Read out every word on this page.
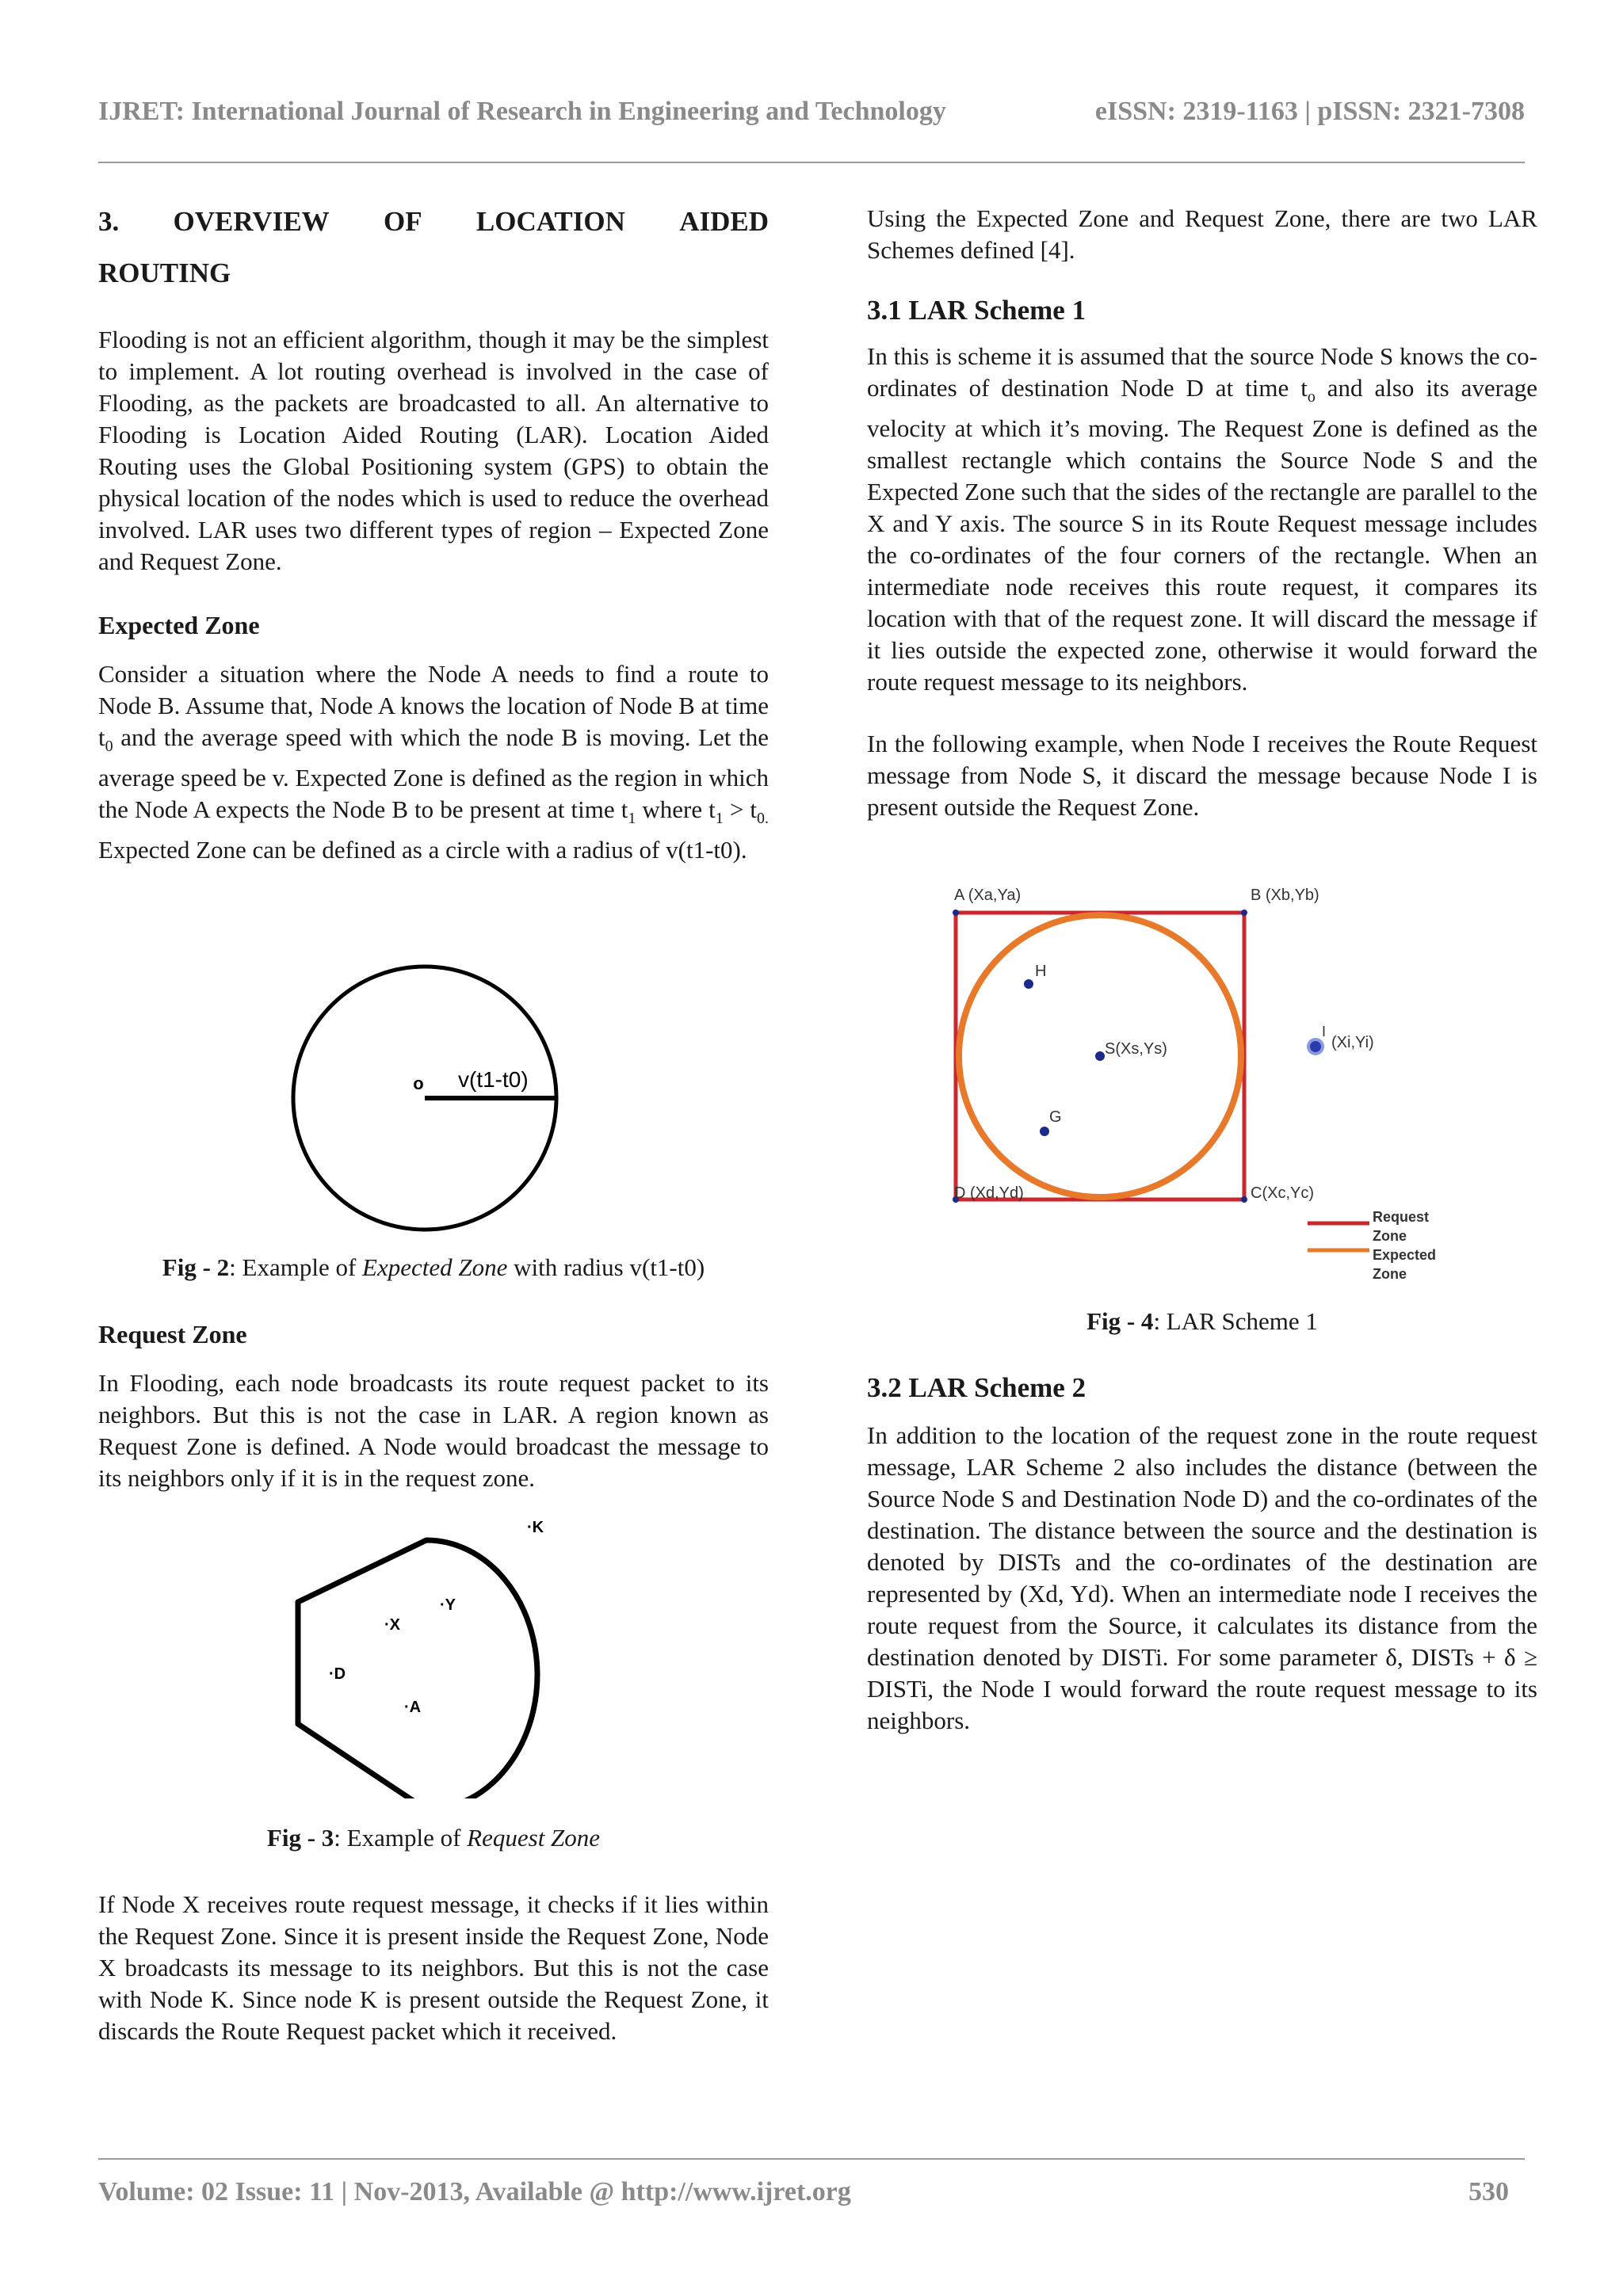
IJRET: International Journal of Research in Engineering and Technology	eISSN: 2319-1163 | pISSN: 2321-7308
3. OVERVIEW OF LOCATION AIDED
ROUTING

Flooding is not an efficient algorithm, though it may be the simplest to implement. A lot routing overhead is involved in the case of Flooding, as the packets are broadcasted to all. An alternative to Flooding is Location Aided Routing (LAR). Location Aided Routing uses the Global Positioning system (GPS) to obtain the physical location of the nodes which is used to reduce the overhead involved. LAR uses two different types of region – Expected Zone and Request Zone.

Expected Zone

Consider a situation where the Node A needs to find a route to Node B. Assume that, Node A knows the location of Node B at time $t_0$ and the average speed with which the node B is moving. Let the average speed be v. Expected Zone is defined as the region in which the Node A expects the Node B to be present at time $t_1$ where $t_1 > t_{0.}$ Expected Zone can be defined as a circle with a radius of v(t1-t0).

o v(t1-t0)
Fig - 2: Example of Expected Zone with radius v(t1-t0)
Request Zone

In Flooding, each node broadcasts its route request packet to its neighbors. But this is not the case in LAR. A region known as Request Zone is defined. A Node would broadcast the message to its neighbors only if it is in the request zone.

·K
·Y
·X
·D
·A
Fig - 3: Example of Request Zone

If Node X receives route request message, it checks if it lies within the Request Zone. Since it is present inside the Request Zone, Node X broadcasts its message to its neighbors. But this is not the case with Node K. Since node K is present outside the Request Zone, it discards the Route Request packet which it received.

Using the Expected Zone and Request Zone, there are two LAR Schemes defined [4].

3.1 LAR Scheme 1

In this is scheme it is assumed that the source Node S knows the co-ordinates of destination Node D at time $t_o$ and also its average velocity at which it’s moving. The Request Zone is defined as the smallest rectangle which contains the Source Node S and the Expected Zone such that the sides of the rectangle are parallel to the X and Y axis. The source S in its Route Request message includes the co-ordinates of the four corners of the rectangle. When an intermediate node receives this route request, it compares its location with that of the request zone. It will discard the message if it lies outside the expected zone, otherwise it would forward the route request message to its neighbors.

In the following example, when Node I receives the Route Request message from Node S, it discard the message because Node I is present outside the Request Zone.

A (Xa,Ya)	B (Xb,Yb)
C(Xc,Yc)
D (Xd,Yd)
H
S(Xs,Ys)
G
I
(Xi,Yi)
Request
Zone
Expected
Zone
Fig - 4: LAR Scheme 1
3.2 LAR Scheme 2

In addition to the location of the request zone in the route request message, LAR Scheme 2 also includes the distance (between the Source Node S and Destination Node D) and the co-ordinates of the destination. The distance between the source and the destination is denoted by DISTs and the co-ordinates of the destination are represented by (Xd, Yd). When an intermediate node I receives the route request from the Source, it calculates its distance from the destination denoted by DISTi. For some parameter δ, DISTs + δ ≥ DISTi, the Node I would forward the route request message to its neighbors.

Volume: 02 Issue: 11 | Nov-2013, Available @ http://www.ijret.org	530
